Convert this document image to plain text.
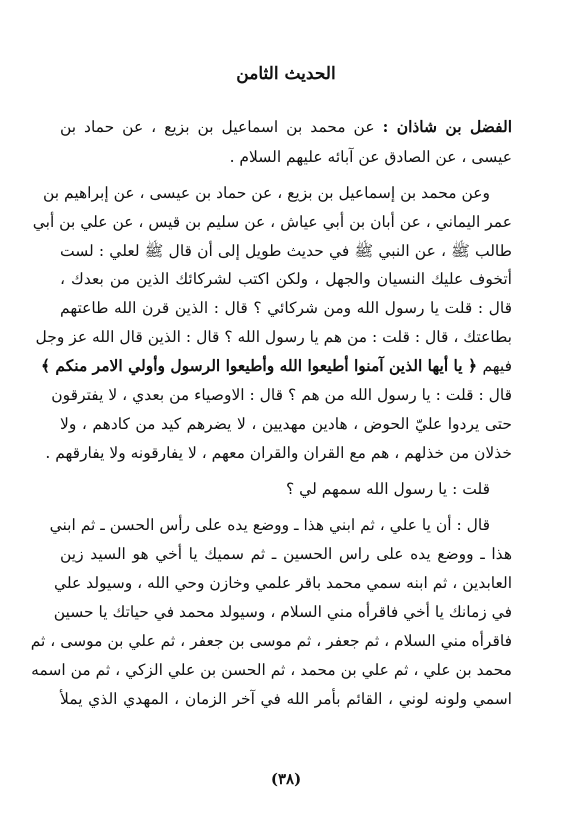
الحديث الثامن
الفضل بن شاذان : عن محمد بن اسماعيل بن بزيع ، عن حماد بن
عيسى ، عن الصادق عن آبائه عليهم السلام .
وعن محمد بن إسماعيل بن بزيع ، عن حماد بن عيسى ، عن إبراهيم بن
عمر اليماني ، عن أبان بن أبي عياش ، عن سليم بن قيس ، عن علي بن أبي
طالب ﷺ ، عن النبي ﷺ في حديث طويل إلى أن قال ﷺ لعلي : لست
أتخوف عليك النسيان والجهل ، ولكن اكتب لشركائك الذين من بعدك ،
قال : قلت يا رسول الله ومن شركائي ؟ قال : الذين قرن الله طاعتهم
بطاعتك ، قال : قلت : من هم يا رسول الله ؟ قال : الذين قال الله عز وجل
فيهم ﴿ يا أيها الذين آمنوا أطيعوا الله وأطيعوا الرسول وأولي الامر منكم ﴾
قال : قلت : يا رسول الله من هم ؟ قال : الاوصياء من بعدي ، لا يفترقون
حتى يردوا عليّ الحوض ، هادين مهديين ، لا يضرهم كيد من كادهم ، ولا
خذلان من خذلهم ، هم مع القران والقران معهم ، لا يفارقونه ولا يفارقهم .
قلت : يا رسول الله سمهم لي ؟
قال : أن يا علي ، ثم ابني هذا ـ ووضع يده على رأس الحسن ـ ثم ابني
هذا ـ ووضع يده على راس الحسين ـ ثم سميك يا أخي هو السيد زين
العابدين ، ثم ابنه سمي محمد باقر علمي وخازن وحي الله ، وسيولد علي
في زمانك يا أخي فاقرأه مني السلام ، وسيولد محمد في حياتك يا حسين
فاقرأه مني السلام ، ثم جعفر ، ثم موسى بن جعفر ، ثم علي بن موسى ، ثم
محمد بن علي ، ثم علي بن محمد ، ثم الحسن بن علي الزكي ، ثم من اسمه
اسمي ولونه لوني ، القائم بأمر الله في آخر الزمان ، المهدي الذي يملأ
(٣٨)
